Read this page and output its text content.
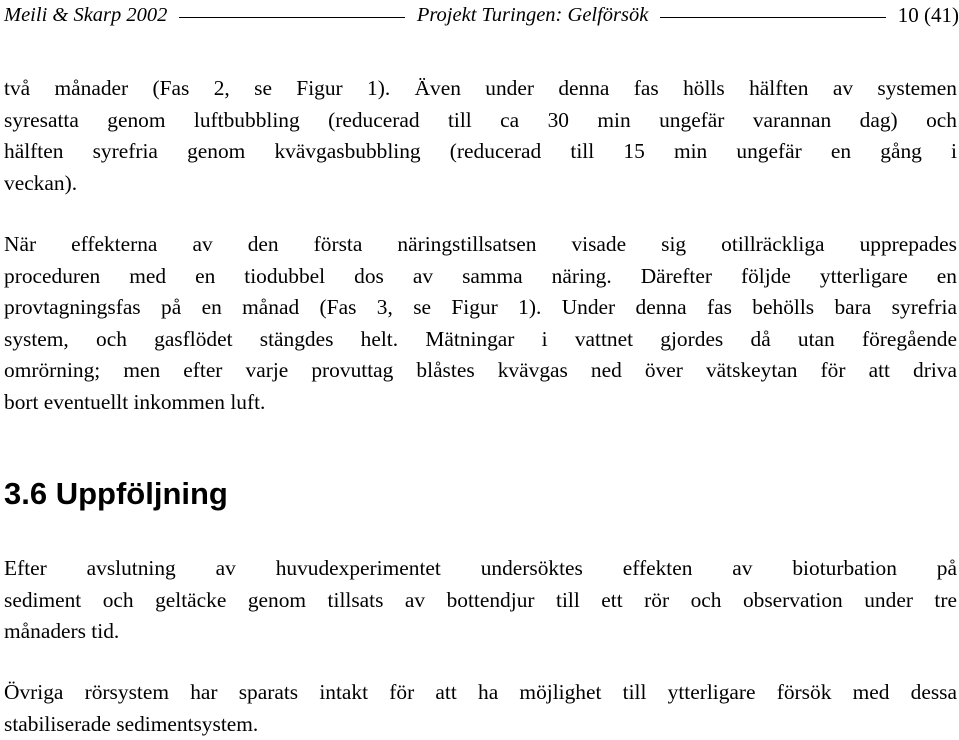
Meili & Skarp 2002	Projekt Turingen: Gelförsök	10 (41)
två månader (Fas 2, se Figur 1). Även under denna fas hölls hälften av systemen
syresatta genom luftbubbling (reducerad till ca 30 min ungefär varannan dag) och
hälften syrefria genom kvävgasbubbling (reducerad till 15 min ungefär en gång i
veckan).
När effekterna av den första näringstillsatsen visade sig otillräckliga upprepades
proceduren med en tiodubbel dos av samma näring. Därefter följde ytterligare en
provtagningsfas på en månad (Fas 3, se Figur 1). Under denna fas behölls bara syrefria
system, och gasflödet stängdes helt. Mätningar i vattnet gjordes då utan föregående
omrörning; men efter varje provuttag blåstes kvävgas ned över vätskeytan för att driva
bort eventuellt inkommen luft.
3.6 Uppföljning
Efter avslutning av huvudexperimentet undersöktes effekten av bioturbation på
sediment och geltäcke genom tillsats av bottendjur till ett rör och observation under tre
månaders tid.
Övriga rörsystem har sparats intakt för att ha möjlighet till ytterligare försök med dessa
stabiliserade sedimentsystem.
